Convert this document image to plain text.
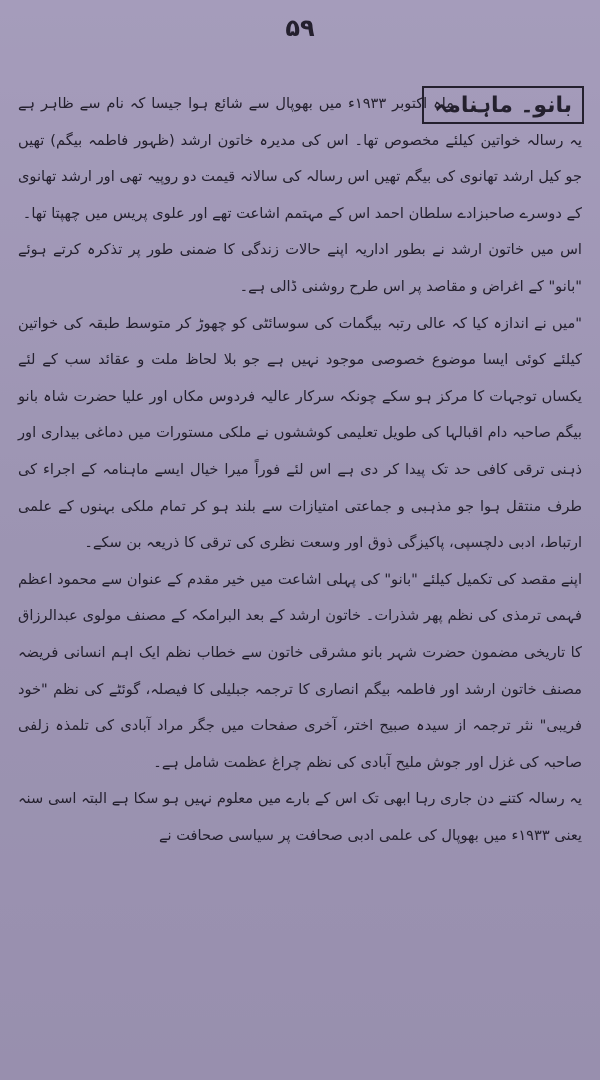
۵۹
بانو۔ ماہنامہ

ماہ اکتوبر ۱۹۳۳ء میں بھوپال سے شائع ہوا جیسا کہ نام سے ظاہر ہے یہ رسالہ خواتین کیلئے مخصوص تھا۔ اس کی مدیرہ خاتون ارشد (ظہور فاطمہ بیگم) تھیں جو کیل ارشد تھانوی کی بیگم تھیں اس رسالہ کی سالانہ قیمت دو روپیہ تھی اور ارشد تھانوی کے دوسرے صاحبزادے سلطان احمد اس کے مہتمم اشاعت تھے اور علوی پریس میں چھپتا تھا۔

اس میں خاتون ارشد نے بطور اداریہ اپنے حالات زندگی کا ضمنی طور پر تذکرہ کرتے ہوئے "بانو" کے اغراض و مقاصد پر اس طرح روشنی ڈالی ہے۔

"میں نے اندازہ کیا کہ عالی رتبہ بیگمات کی سوسائٹی کو چھوڑ کر متوسط طبقہ کی خواتین کیلئے کوئی ایسا موضوع خصوصی موجود نہیں ہے جو بلا لحاظ ملت و عقائد سب کے لئے یکساں توجہات کا مرکز ہو سکے چونکہ سرکار عالیہ فردوس مکاں اور علیا حضرت شاہ بانو بیگم صاحبہ دام اقبالہا کی طویل تعلیمی کوششوں نے ملکی مستورات میں دماغی بیداری اور ذہنی ترقی کافی حد تک پیدا کر دی ہے اس لئے فوراً میرا خیال ایسے ماہنامہ کے اجراء کی طرف منتقل ہوا جو مذہبی و جماعتی امتیازات سے بلند ہو کر تمام ملکی بہنوں کے علمی ارتباط، ادبی دلچسپی، پاکیزگی ذوق اور وسعت نظری کی ترقی کا ذریعہ بن سکے۔

اپنے مقصد کی تکمیل کیلئے "بانو" کی پہلی اشاعت میں خیر مقدم کے عنوان سے محمود اعظم فہمی ترمذی کی نظم پھر شذرات۔ خاتون ارشد کے بعد البرامکہ کے مصنف مولوی عبدالرزاق کا تاریخی مضمون حضرت شہر بانو مشرقی خاتون سے خطاب نظم ایک اہم انسانی فریضہ مصنف خاتون ارشد اور فاطمہ بیگم انصاری کا ترجمہ جبلیلی کا فیصلہ، گوئٹے کی نظم "خود فریبی" نثر ترجمہ از سیدہ صبیح اختر، آخری صفحات میں جگر مراد آبادی کی تلمذہ زلفی صاحبہ کی غزل اور جوش ملیح آبادی کی نظم چراغ عظمت شامل ہے۔

یہ رسالہ کتنے دن جاری رہا ابھی تک اس کے بارے میں معلوم نہیں ہو سکا ہے البتہ اسی سنہ یعنی ۱۹۳۳ء میں بھوپال کی علمی ادبی صحافت پر سیاسی صحافت نے
